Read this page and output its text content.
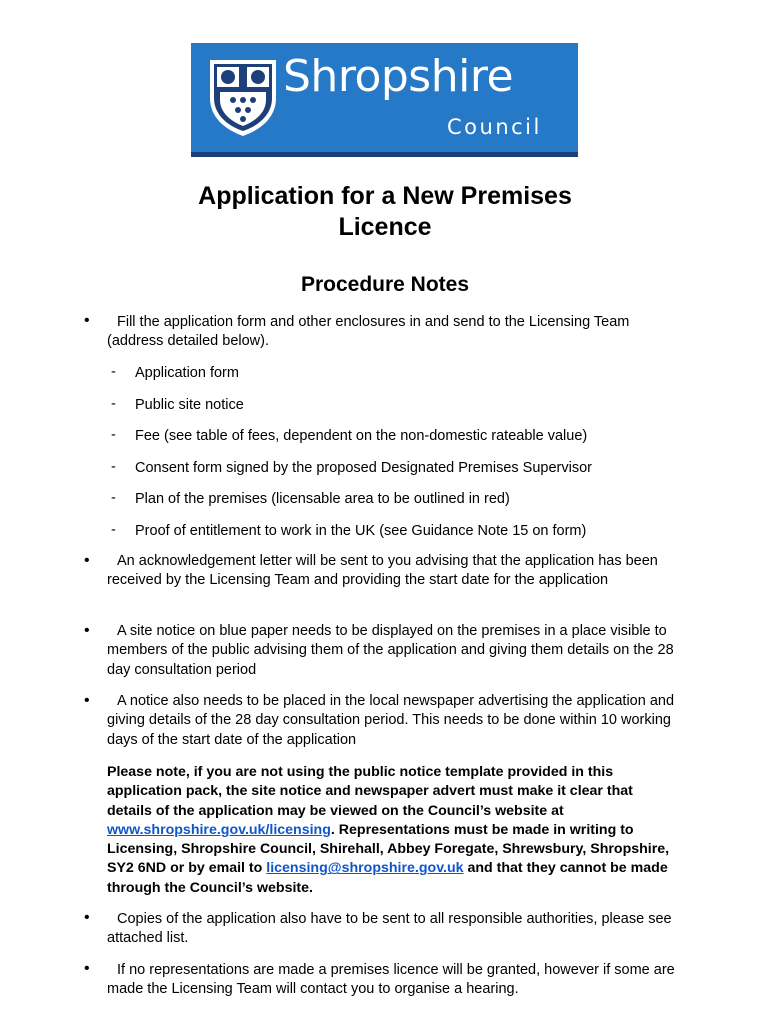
Shropshire
Council
Application for a New Premises
Licence
Procedure Notes
•	Fill the application form and other enclosures in and send to the Licensing Team (address detailed below).
- Application form
- Public site notice
- Fee (see table of fees, dependent on the non-domestic rateable value)
- Consent form signed by the proposed Designated Premises Supervisor
- Plan of the premises (licensable area to be outlined in red)
- Proof of entitlement to work in the UK (see Guidance Note 15 on form)
•	An acknowledgement letter will be sent to you advising that the application has been received by the Licensing Team and providing the start date for the application
•	A site notice on blue paper needs to be displayed on the premises in a place visible to members of the public advising them of the application and giving them details on the 28 day consultation period
•	A notice also needs to be placed in the local newspaper advertising the application and giving details of the 28 day consultation period. This needs to be done within 10 working days of the start date of the application
Please note, if you are not using the public notice template provided in this application pack, the site notice and newspaper advert must make it clear that details of the application may be viewed on the Council’s website at www.shropshire.gov.uk/licensing. Representations must be made in writing to Licensing, Shropshire Council, Shirehall, Abbey Foregate, Shrewsbury, Shropshire, SY2 6ND or by email to licensing@shropshire.gov.uk and that they cannot be made through the Council’s website.
•	Copies of the application also have to be sent to all responsible authorities, please see attached list.
•	If no representations are made a premises licence will be granted, however if some are made the Licensing Team will contact you to organise a hearing.
